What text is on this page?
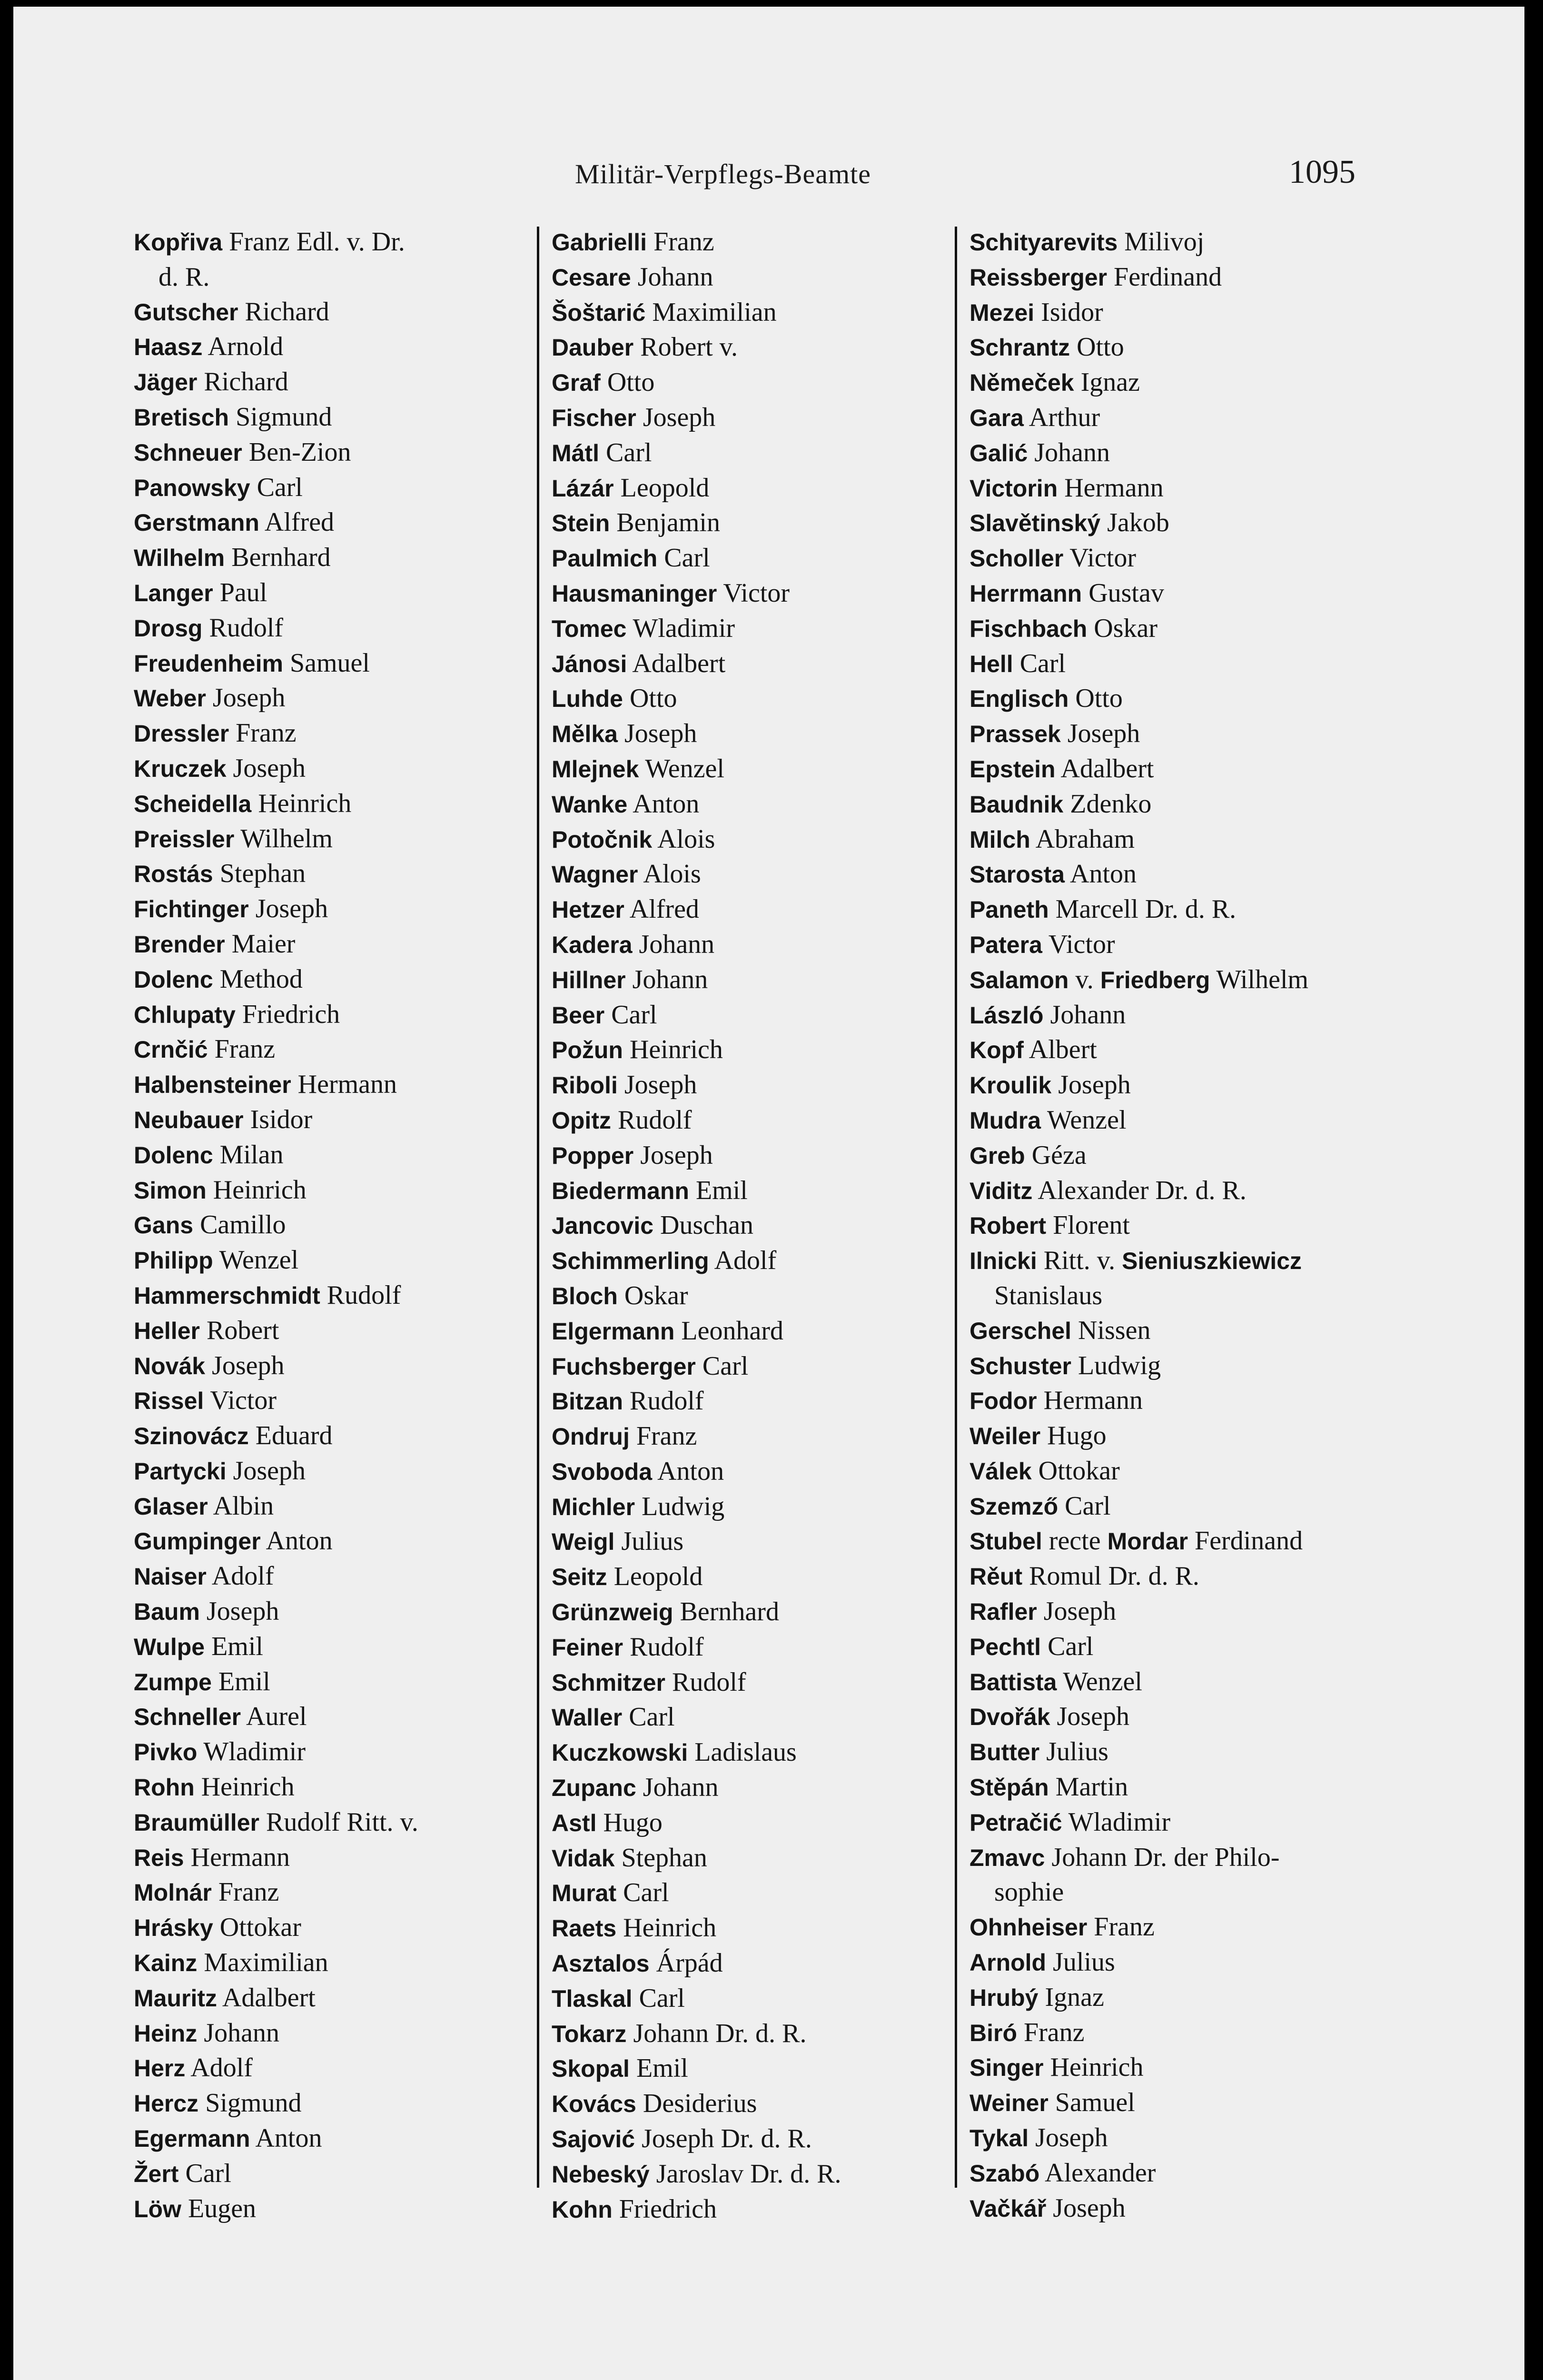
Militär-Verpflegs-Beamte	1095

Kopřiva Franz Edl. v. Dr.

d. R.

Gutscher Richard

Haasz Arnold

Jäger Richard

Bretisch Sigmund

Schneuer Ben-Zion

Panowsky Carl

Gerstmann Alfred

Wilhelm Bernhard

Langer Paul

Drosg Rudolf

Freudenheim Samuel

Weber Joseph

Dressler Franz

Kruczek Joseph

Scheidella Heinrich

Preissler Wilhelm

Rostás Stephan

Fichtinger Joseph

Brender Maier

Dolenc Method

Chlupaty Friedrich

Crnčić Franz

Halbensteiner Hermann

Neubauer Isidor

Dolenc Milan

Simon Heinrich

Gans Camillo

Philipp Wenzel

Hammerschmidt Rudolf

Heller Robert

Novák Joseph

Rissel Victor

Szinovácz Eduard

Partycki Joseph

Glaser Albin

Gumpinger Anton

Naiser Adolf

Baum Joseph

Wulpe Emil

Zumpe Emil

Schneller Aurel

Pivko Wladimir

Rohn Heinrich

Braumüller Rudolf Ritt. v.

Reis Hermann

Molnár Franz

Hrásky Ottokar

Kainz Maximilian

Mauritz Adalbert

Heinz Johann

Herz Adolf

Hercz Sigmund

Egermann Anton

Žert Carl

Löw Eugen

Gabrielli Franz

Cesare Johann

Šoštarić Maximilian

Dauber Robert v.

Graf Otto

Fischer Joseph

Mátl Carl

Lázár Leopold

Stein Benjamin

Paulmich Carl

Hausmaninger Victor

Tomec Wladimir

Jánosi Adalbert

Luhde Otto

Mělka Joseph

Mlejnek Wenzel

Wanke Anton

Potočnik Alois

Wagner Alois

Hetzer Alfred

Kadera Johann

Hillner Johann

Beer Carl

Požun Heinrich

Riboli Joseph

Opitz Rudolf

Popper Joseph

Biedermann Emil

Jancovic Duschan

Schimmerling Adolf

Bloch Oskar

Elgermann Leonhard

Fuchsberger Carl

Bitzan Rudolf

Ondruj Franz

Svoboda Anton

Michler Ludwig

Weigl Julius

Seitz Leopold

Grünzweig Bernhard

Feiner Rudolf

Schmitzer Rudolf

Waller Carl

Kuczkowski Ladislaus

Zupanc Johann

Astl Hugo

Vidak Stephan

Murat Carl

Raets Heinrich

Asztalos Árpád

Tlaskal Carl

Tokarz Johann Dr. d. R.

Skopal Emil

Kovács Desiderius

Sajović Joseph Dr. d. R.

Nebeský Jaroslav Dr. d. R.

Kohn Friedrich

Schityarevits Milivoj

Reissberger Ferdinand

Mezei Isidor

Schrantz Otto

Němeček Ignaz

Gara Arthur

Galić Johann

Victorin Hermann

Slavětinský Jakob

Scholler Victor

Herrmann Gustav

Fischbach Oskar

Hell Carl

Englisch Otto

Prassek Joseph

Epstein Adalbert

Baudnik Zdenko

Milch Abraham

Starosta Anton

Paneth Marcell Dr. d. R.

Patera Victor

Salamon v. Friedberg Wilhelm

László Johann

Kopf Albert

Kroulik Joseph

Mudra Wenzel

Greb Géza

Viditz Alexander Dr. d. R.

Robert Florent

Ilnicki Ritt. v. Sieniuszkiewicz

Stanislaus

Gerschel Nissen

Schuster Ludwig

Fodor Hermann

Weiler Hugo

Válek Ottokar

Szemző Carl

Stubel recte Mordar Ferdinand

Rěut Romul Dr. d. R.

Rafler Joseph

Pechtl Carl

Battista Wenzel

Dvořák Joseph

Butter Julius

Stěpán Martin

Petračić Wladimir

Zmavc Johann Dr. der Philo-

sophie

Ohnheiser Franz

Arnold Julius

Hrubý Ignaz

Biró Franz

Singer Heinrich

Weiner Samuel

Tykal Joseph

Szabó Alexander

Vačkář Joseph
